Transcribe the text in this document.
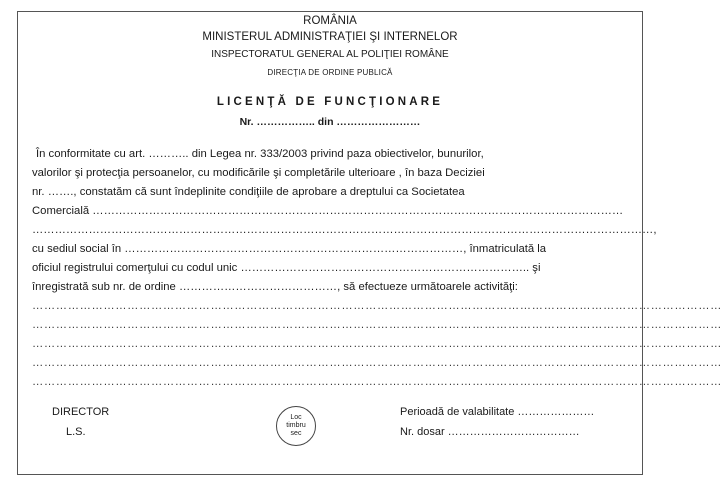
ROMÂNIA
MINISTERUL ADMINISTRAŢIEI ŞI INTERNELOR
INSPECTORATUL GENERAL AL POLIŢIEI ROMÂNE
DIRECŢIA DE ORDINE PUBLICĂ
LICENŢĂ DE FUNCŢIONARE
Nr. …………….. din ……………………
În conformitate cu art. ……….. din Legea nr. 333/2003 privind paza obiectivelor, bunurilor,
valorilor şi protecţia persoanelor, cu modificările şi completările ulterioare , în baza Deciziei
nr. ……., constatăm că sunt îndeplinite condiţiile de aprobare a dreptului ca Societatea
Comercială ……………………………………………………………………………………………………………………………
…………………………………………………………………………………………………………………………………………………,
cu sediul social în ………………………………………………………………………………, înmatriculată la
oficiul registrului comerţului cu codul unic ………………………………………………………………….. şi
înregistrată sub nr. de ordine ……………………………………, să efectueze următoarele activităţi:
…………………………………………………………………………………………………………………………………………………………
…………………………………………………………………………………………………………………………………………………………
…………………………………………………………………………………………………………………………………………………………
…………………………………………………………………………………………………………………………………………………………
…………………………………………………………………………………………………………………………………………………………
DIRECTOR
L.S.
Loc
timbru
sec
Perioadă de valabilitate …………………
Nr. dosar ………………………………
